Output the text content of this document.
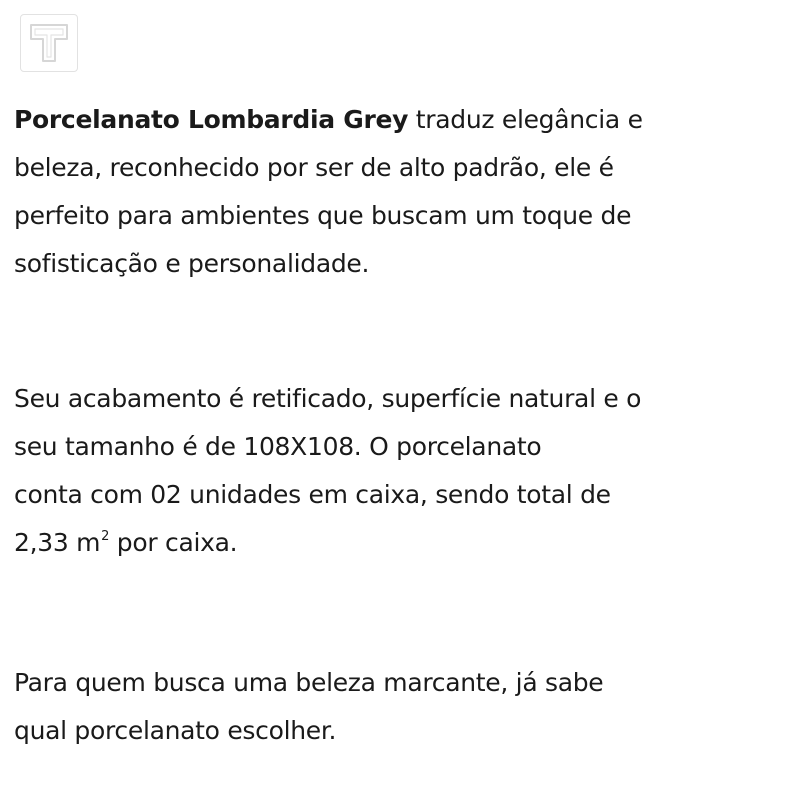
Porcelanato Lombardia Grey traduz elegância e
beleza, reconhecido por ser de alto padrão, ele é
perfeito para ambientes que buscam um toque de
sofisticação e personalidade.
Seu acabamento é retificado, superfície natural e o
seu tamanho é de 108X108. O porcelanato
conta com 02 unidades em caixa, sendo total de
2,33 $m^2$ por caixa.
Para quem busca uma beleza marcante, já sabe
qual porcelanato escolher.
